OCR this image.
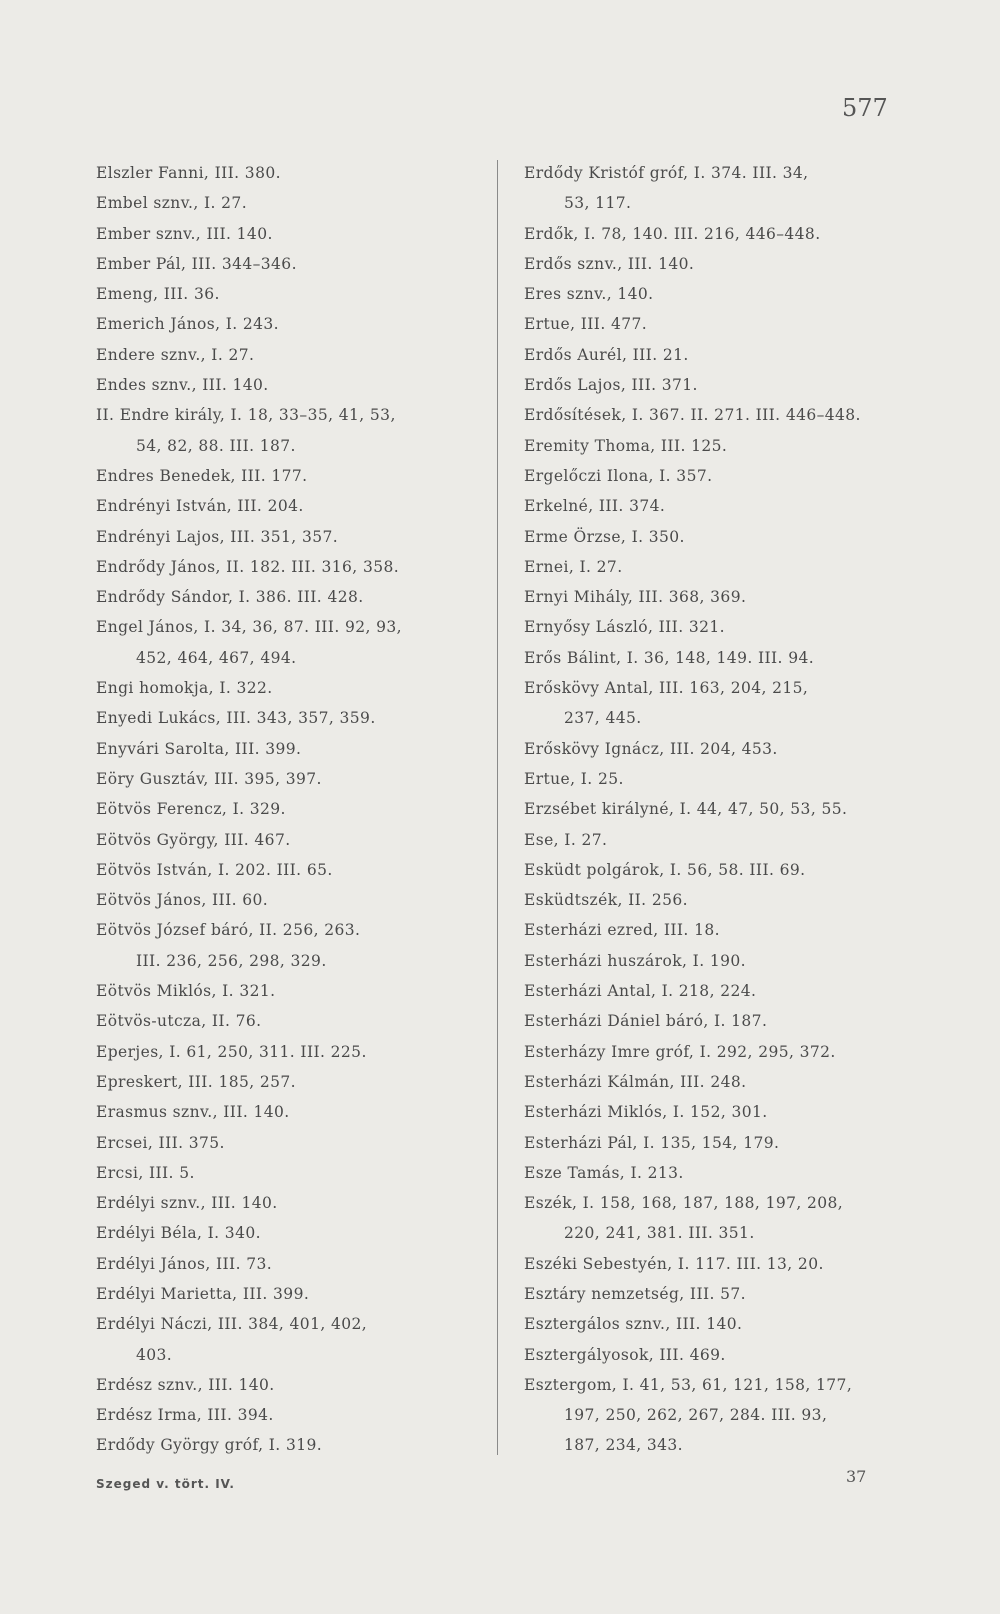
577
Elszler Fanni, III. 380.
Embel sznv., I. 27.
Ember sznv., III. 140.
Ember Pál, III. 344–346.
Emeng, III. 36.
Emerich János, I. 243.
Endere sznv., I. 27.
Endes sznv., III. 140.
II. Endre király, I. 18, 33–35, 41, 53,
54, 82, 88. III. 187.
Endres Benedek, III. 177.
Endrényi István, III. 204.
Endrényi Lajos, III. 351, 357.
Endrődy János, II. 182. III. 316, 358.
Endrődy Sándor, I. 386. III. 428.
Engel János, I. 34, 36, 87. III. 92, 93,
452, 464, 467, 494.
Engi homokja, I. 322.
Enyedi Lukács, III. 343, 357, 359.
Enyvári Sarolta, III. 399.
Eöry Gusztáv, III. 395, 397.
Eötvös Ferencz, I. 329.
Eötvös György, III. 467.
Eötvös István, I. 202. III. 65.
Eötvös János, III. 60.
Eötvös József báró, II. 256, 263.
III. 236, 256, 298, 329.
Eötvös Miklós, I. 321.
Eötvös-utcza, II. 76.
Eperjes, I. 61, 250, 311. III. 225.
Epreskert, III. 185, 257.
Erasmus sznv., III. 140.
Ercsei, III. 375.
Ercsi, III. 5.
Erdélyi sznv., III. 140.
Erdélyi Béla, I. 340.
Erdélyi János, III. 73.
Erdélyi Marietta, III. 399.
Erdélyi Náczi, III. 384, 401, 402,
403.
Erdész sznv., III. 140.
Erdész Irma, III. 394.
Erdődy György gróf, I. 319.
Erdődy Kristóf gróf, I. 374. III. 34,
53, 117.
Erdők, I. 78, 140. III. 216, 446–448.
Erdős sznv., III. 140.
Eres sznv., 140.
Ertue, III. 477.
Erdős Aurél, III. 21.
Erdős Lajos, III. 371.
Erdősítések, I. 367. II. 271. III. 446–448.
Eremity Thoma, III. 125.
Ergelőczi Ilona, I. 357.
Erkelné, III. 374.
Erme Örzse, I. 350.
Ernei, I. 27.
Ernyi Mihály, III. 368, 369.
Ernyősy László, III. 321.
Erős Bálint, I. 36, 148, 149. III. 94.
Erőskövy Antal, III. 163, 204, 215,
237, 445.
Erőskövy Ignácz, III. 204, 453.
Ertue, I. 25.
Erzsébet királyné, I. 44, 47, 50, 53, 55.
Ese, I. 27.
Esküdt polgárok, I. 56, 58. III. 69.
Esküdtszék, II. 256.
Esterházi ezred, III. 18.
Esterházi huszárok, I. 190.
Esterházi Antal, I. 218, 224.
Esterházi Dániel báró, I. 187.
Esterházy Imre gróf, I. 292, 295, 372.
Esterházi Kálmán, III. 248.
Esterházi Miklós, I. 152, 301.
Esterházi Pál, I. 135, 154, 179.
Esze Tamás, I. 213.
Eszék, I. 158, 168, 187, 188, 197, 208,
220, 241, 381. III. 351.
Eszéki Sebestyén, I. 117. III. 13, 20.
Esztáry nemzetség, III. 57.
Esztergálos sznv., III. 140.
Esztergályosok, III. 469.
Esztergom, I. 41, 53, 61, 121, 158, 177,
197, 250, 262, 267, 284. III. 93,
187, 234, 343.
Szeged v. tört. IV.	37
